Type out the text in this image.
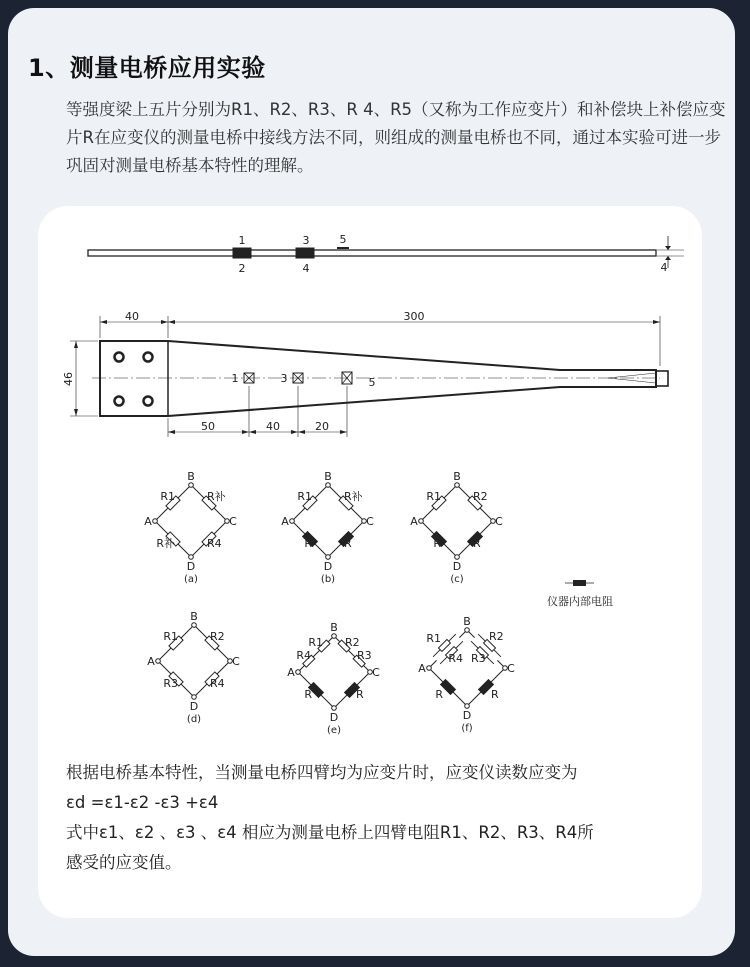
1、测量电桥应用实验
等强度梁上五片分别为R1、R2、R3、R 4、R5（又称为工作应变片）和补偿块上补偿应变片R在应变仪的测量电桥中接线方法不同，则组成的测量电桥也不同，通过本实验可进一步巩固对测量电桥基本特性的理解。
1	3	5
2	4	4
40	300
46
50	40	20
1	3	5
B
A	C
D
R1	R补
R补	R4
(a)
B
A	C
D
R1	R补
R	R
(b)
B
A	C
D
R1	R2
R	R
(c)
B
A	C
D
R1	R2
R3	R4
(d)
B
A	C
D
R1
R4
R2
R3
R	R
(e)
B
A	C
D
R1
R4
R2
R3
R	R
(f)
仪器内部电阻
根据电桥基本特性，当测量电桥四臂均为应变片时，应变仪读数应变为
εd =ε1-ε2 -ε3 +ε4
式中ε1、ε2 、ε3 、ε4 相应为测量电桥上四臂电阻R1、R2、R3、R4所
感受的应变值。
